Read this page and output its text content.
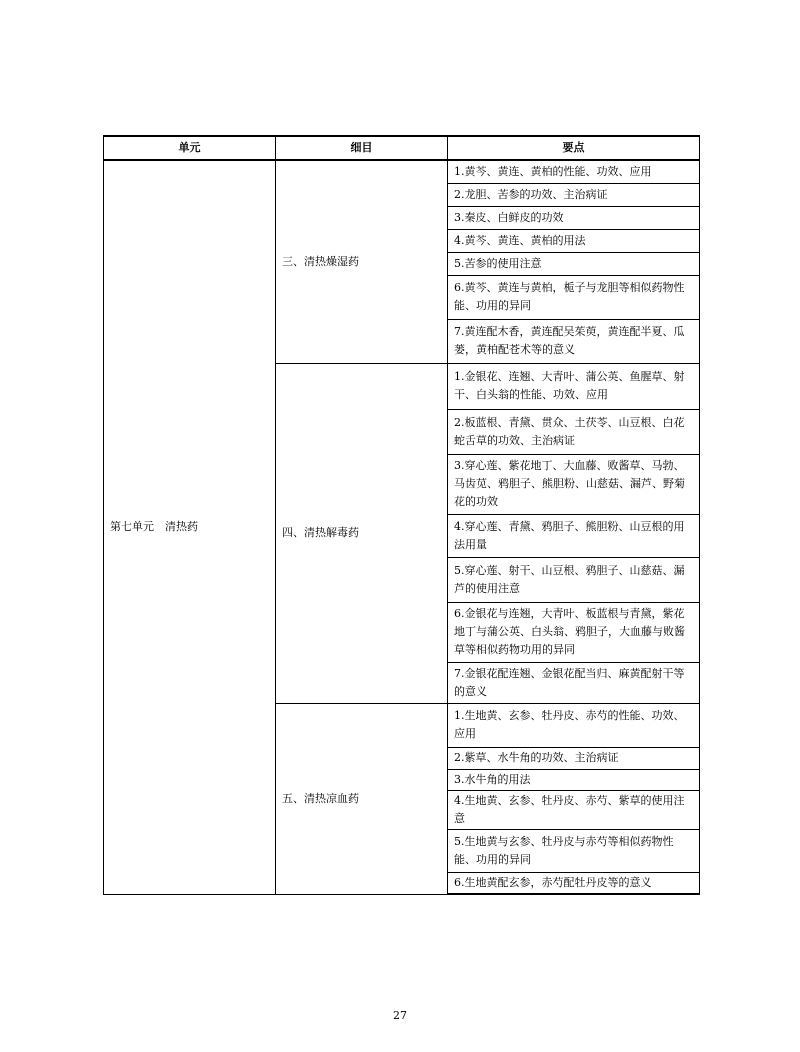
单元	细目	要点
第七单元　清热药	三、清热燥湿药	1.黄芩、黄连、黄柏的性能、功效、应用
		2.龙胆、苦参的功效、主治病证
		3.秦皮、白鲜皮的功效
		4.黄芩、黄连、黄柏的用法
		5.苦参的使用注意
		6.黄芩、黄连与黄柏，栀子与龙胆等相似药物性能、功用的异同
		7.黄连配木香，黄连配吴茱萸，黄连配半夏、瓜蒌，黄柏配苍术等的意义
	四、清热解毒药	1.金银花、连翘、大青叶、蒲公英、鱼腥草、射干、白头翁的性能、功效、应用
		2.板蓝根、青黛、贯众、土茯苓、山豆根、白花蛇舌草的功效、主治病证
		3.穿心莲、紫花地丁、大血藤、败酱草、马勃、马齿苋、鸦胆子、熊胆粉、山慈菇、漏芦、野菊花的功效
		4.穿心莲、青黛、鸦胆子、熊胆粉、山豆根的用法用量
		5.穿心莲、射干、山豆根、鸦胆子、山慈菇、漏芦的使用注意
		6.金银花与连翘，大青叶、板蓝根与青黛，紫花地丁与蒲公英、白头翁、鸦胆子，大血藤与败酱草等相似药物功用的异同
		7.金银花配连翘、金银花配当归、麻黄配射干等的意义
	五、清热凉血药	1.生地黄、玄参、牡丹皮、赤芍的性能、功效、应用
		2.紫草、水牛角的功效、主治病证
		3.水牛角的用法
		4.生地黄、玄参、牡丹皮、赤芍、紫草的使用注意
		5.生地黄与玄参、牡丹皮与赤芍等相似药物性能、功用的异同
		6.生地黄配玄参，赤芍配牡丹皮等的意义
27
